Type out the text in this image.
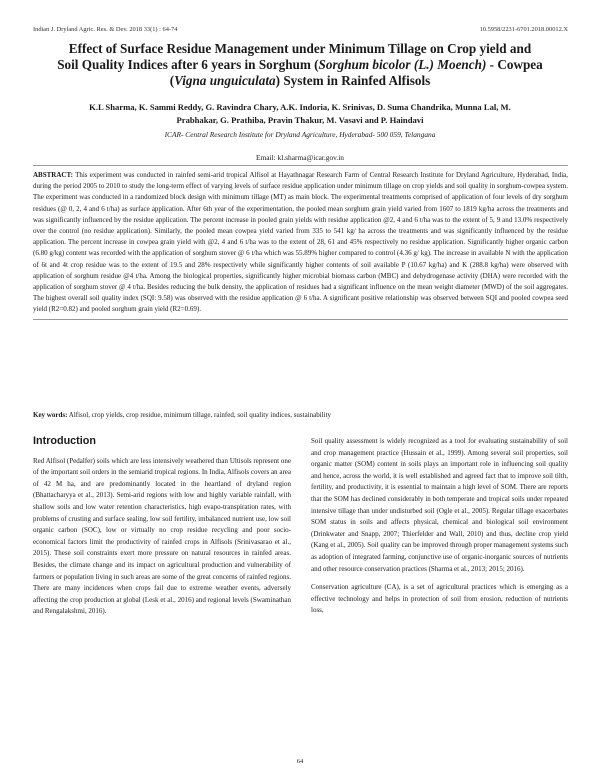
Indian J. Dryland Agric. Res. & Dev. 2018 33(1) : 64-74	10.5958/2231-6701.2018.00012.X

Effect of Surface Residue Management under Minimum Tillage on Crop yield and

Soil Quality Indices after 6 years in Sorghum (Sorghum bicolor (L.) Moench) - Cowpea

(Vigna unguiculata) System in Rainfed Alfisols

K.L Sharma, K. Sammi Reddy, G. Ravindra Chary, A.K. Indoria, K. Srinivas, D. Suma Chandrika, Munna Lal, M.
Prabhakar, G. Prathiba, Pravin Thakur, M. Vasavi and P. Haindavi
ICAR- Central Research Institute for Dryland Agriculture, Hyderabad- 500 059, Telangana
Email: kl.sharma@icar.gov.in

ABSTRACT: This experiment was conducted in rainfed semi-arid tropical Alfisol at Hayathnagar Research Farm of Central Research Institute for Dryland Agriculture, Hyderabad, India, during the period 2005 to 2010 to study the long-term effect of varying levels of surface residue application under minimum tillage on crop yields and soil quality in sorghum-cowpea system. The experiment was conducted in a randomized block design with minimum tillage (MT) as main block. The experimental treatments comprised of application of four levels of dry sorghum residues (@ 0, 2, 4 and 6 t/ha) as surface application. After 6th year of the experimentation, the pooled mean sorghum grain yield varied from 1607 to 1819 kg/ha across the treatments and was significantly influenced by the residue application. The percent increase in pooled grain yields with residue application @2, 4 and 6 t/ha was to the extent of 5, 9 and 13.0% respectively over the control (no residue application). Similarly, the pooled mean cowpea yield varied from 335 to 541 kg/ ha across the treatments and was significantly influenced by the residue application. The percent increase in cowpea grain yield with @2, 4 and 6 t/ha was to the extent of 28, 61 and 45% respectively no residue application. Significantly higher organic carbon (6.80 g/kg) content was recorded with the application of sorghum stover @ 6 t/ha which was 55.89% higher compared to control (4.36 g/ kg). The increase in available N with the application of 6t and 4t crop residue was to the extent of 19.5 and 28% respectively while significantly higher contents of soil available P (10.67 kg/ha) and K (288.8 kg/ha) were observed with application of sorghum residue @4 t/ha. Among the biological properties, significantly higher microbial biomass carbon (MBC) and dehydrogenase activity (DHA) were recorded with the application of sorghum stover @ 4 t/ha. Besides reducing the bulk density, the application of residues had a significant influence on the mean weight diameter (MWD) of the soil aggregates. The highest overall soil quality index (SQI: 9.58) was observed with the residue application @ 6 t/ha. A significant positive relationship was observed between SQI and pooled cowpea seed yield (R2=0.82) and pooled sorghum grain yield (R2=0.69).

Key words: Alfisol, crop yields, crop residue, minimum tillage, rainfed, soil quality indices, sustainability
Introduction

Red Alfisol (Pedalfer) soils which are less intensively weathered than Ultisols represent one of the important soil orders in the semiarid tropical regions. In India, Alfisols covers an area of 42 M ha, and are predominantly located in the heartland of dryland region (Bhattacharyya et al., 2013). Semi-arid regions with low and highly variable rainfall, with shallow soils and low water retention characteristics, high evapo-transpiration rates, with problems of crusting and surface sealing, low soil fertility, imbalanced nutrient use, low soil organic carbon (SOC), low or virtually no crop residue recycling and poor socio-economical factors limit the productivity of rainfed crops in Alfisols (Srinivasarao et al., 2015). These soil constraints exert more pressure on natural resources in rainfed areas. Besides, the climate change and its impact on agricultural production and vulnerability of farmers or population living in such areas are some of the great concerns of rainfed regions. There are many incidences when crops fail due to extreme weather events, adversely affecting the crop production at global (Lesk et al., 2016) and regional levels (Swaminathan and Rengalakshmi, 2016).

Soil quality assessment is widely recognized as a tool for evaluating sustainability of soil and crop management practice (Hussain et al., 1999). Among several soil properties, soil organic matter (SOM) content in soils plays an important role in influencing soil quality and hence, across the world, it is well established and agreed fact that to improve soil tilth, fertility, and productivity, it is essential to maintain a high level of SOM. There are reports that the SOM has declined considerably in both temperate and tropical soils under repeated intensive tillage than under undisturbed soil (Ogle et al., 2005). Regular tillage exacerbates SOM status in soils and affects physical, chemical and biological soil environment (Drinkwater and Snapp, 2007; Thierfelder and Wall, 2010) and thus, decline crop yield (Kang et al., 2005). Soil quality can be improved through proper management systems such as adoption of integrated farming, conjunctive use of organic-inorganic sources of nutrients and other resource conservation practices (Sharma et al., 2013; 2015; 2016).

Conservation agriculture (CA), is a set of agricultural practices which is emerging as a effective technology and helps in protection of soil from erosion, reduction of nutrients loss,

64
